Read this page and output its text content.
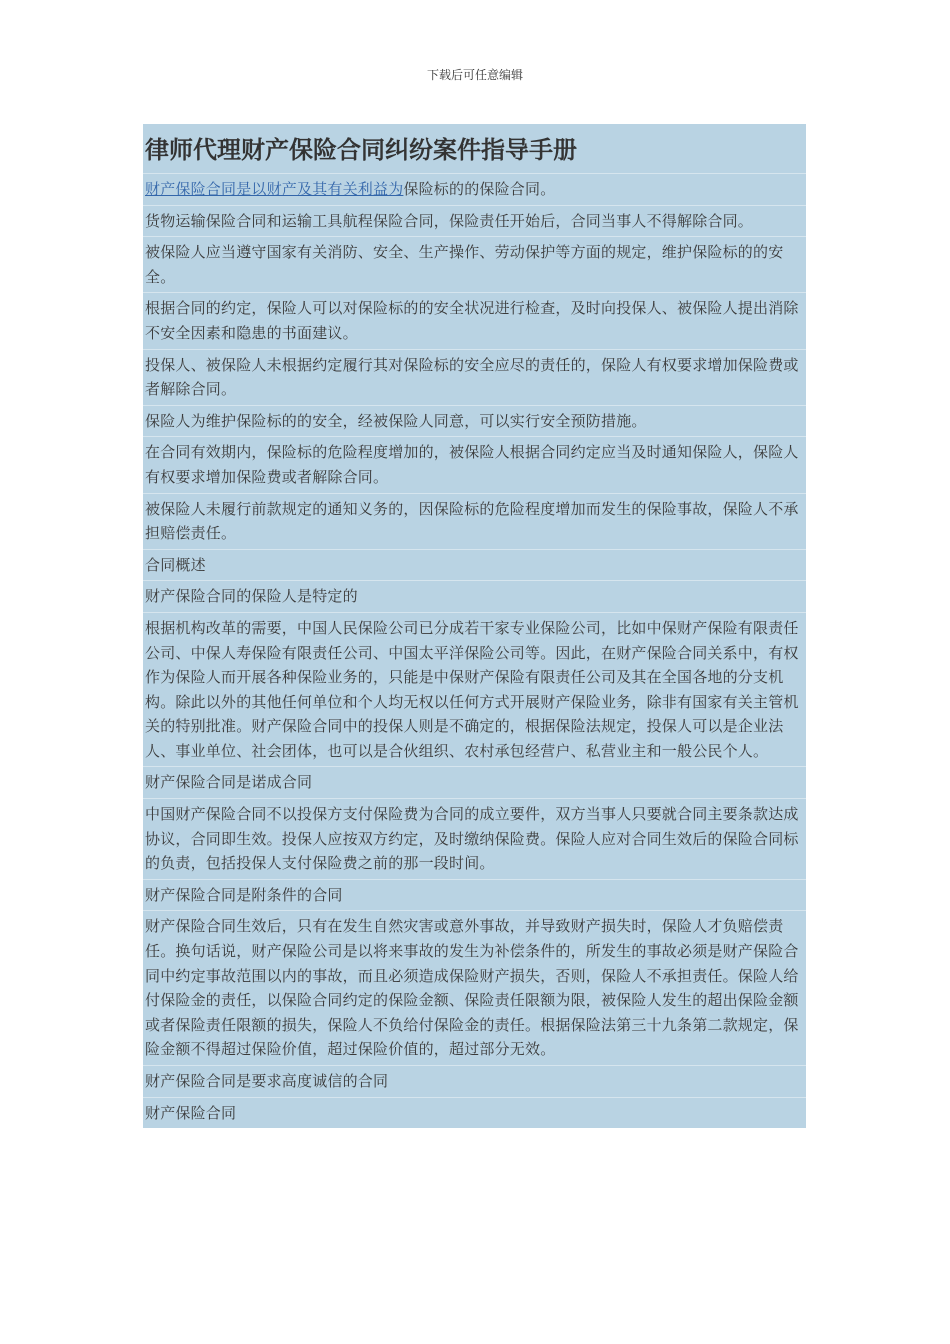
下载后可任意编辑
律师代理财产保险合同纠纷案件指导手册
财产保险合同是以财产及其有关利益为保险标的的保险合同。
货物运输保险合同和运输工具航程保险合同，保险责任开始后，合同当事人不得解除合同。
被保险人应当遵守国家有关消防、安全、生产操作、劳动保护等方面的规定，维护保险标的的安全。
根据合同的约定，保险人可以对保险标的的安全状况进行检查，及时向投保人、被保险人提出消除不安全因素和隐患的书面建议。
投保人、被保险人未根据约定履行其对保险标的安全应尽的责任的，保险人有权要求增加保险费或者解除合同。
保险人为维护保险标的的安全，经被保险人同意，可以实行安全预防措施。
在合同有效期内，保险标的危险程度增加的，被保险人根据合同约定应当及时通知保险人，保险人有权要求增加保险费或者解除合同。
被保险人未履行前款规定的通知义务的，因保险标的危险程度增加而发生的保险事故，保险人不承担赔偿责任。
合同概述
财产保险合同的保险人是特定的
根据机构改革的需要，中国人民保险公司已分成若干家专业保险公司，比如中保财产保险有限责任公司、中保人寿保险有限责任公司、中国太平洋保险公司等。因此，在财产保险合同关系中，有权作为保险人而开展各种保险业务的，只能是中保财产保险有限责任公司及其在全国各地的分支机构。除此以外的其他任何单位和个人均无权以任何方式开展财产保险业务，除非有国家有关主管机关的特别批准。财产保险合同中的投保人则是不确定的，根据保险法规定，投保人可以是企业法人、事业单位、社会团体，也可以是合伙组织、农村承包经营户、私营业主和一般公民个人。
财产保险合同是诺成合同
中国财产保险合同不以投保方支付保险费为合同的成立要件，双方当事人只要就合同主要条款达成协议，合同即生效。投保人应按双方约定，及时缴纳保险费。保险人应对合同生效后的保险合同标的负责，包括投保人支付保险费之前的那一段时间。
财产保险合同是附条件的合同
财产保险合同生效后，只有在发生自然灾害或意外事故，并导致财产损失时，保险人才负赔偿责任。换句话说，财产保险公司是以将来事故的发生为补偿条件的，所发生的事故必须是财产保险合同中约定事故范围以内的事故，而且必须造成保险财产损失，否则，保险人不承担责任。保险人给付保险金的责任，以保险合同约定的保险金额、保险责任限额为限，被保险人发生的超出保险金额或者保险责任限额的损失，保险人不负给付保险金的责任。根据保险法第三十九条第二款规定，保险金额不得超过保险价值，超过保险价值的，超过部分无效。
财产保险合同是要求高度诚信的合同
财产保险合同
